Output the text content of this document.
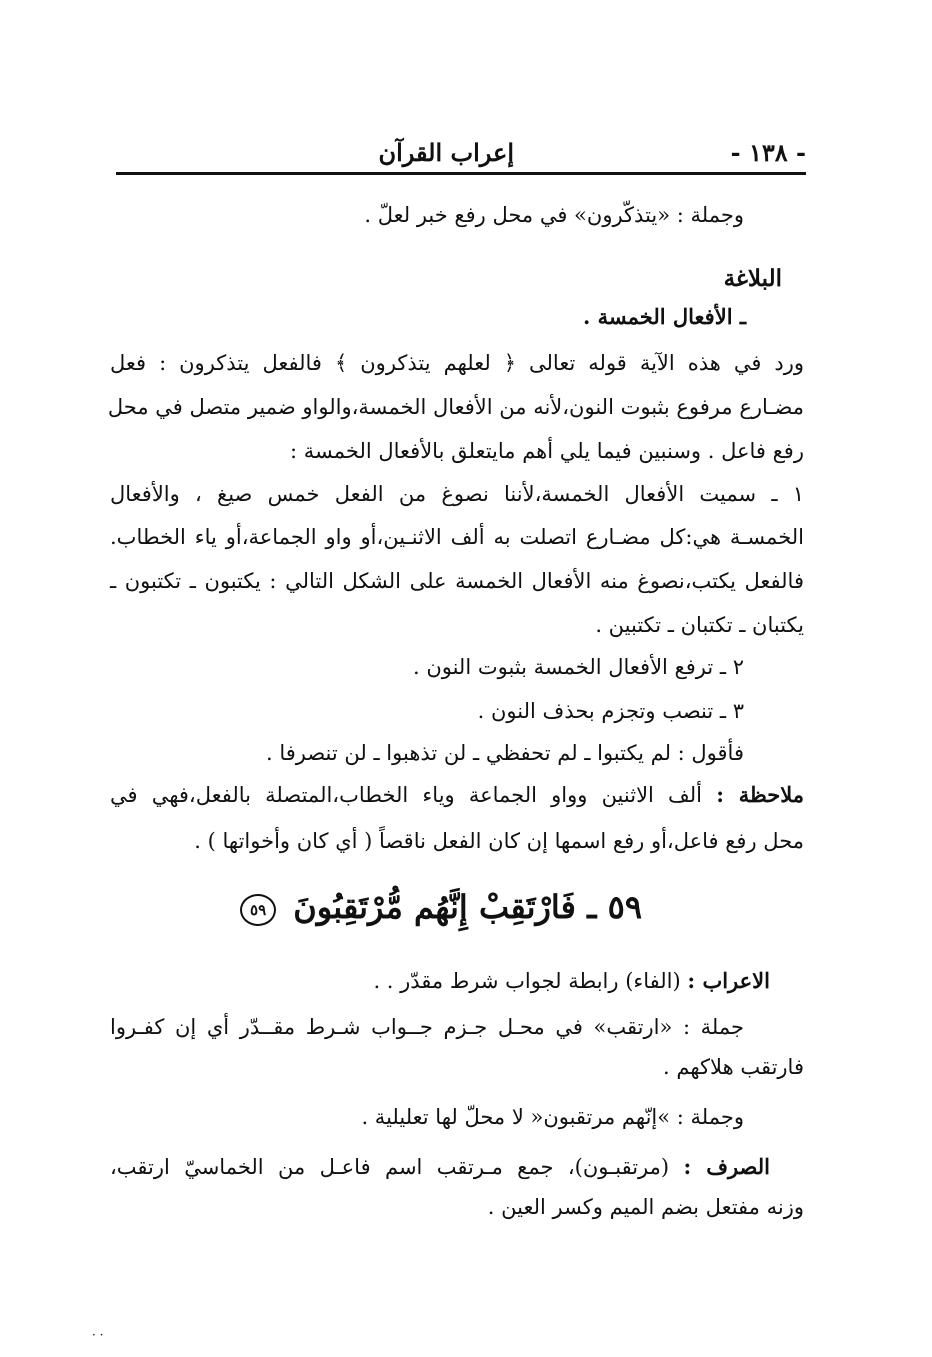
- ١٣٨ -
إعراب القرآن
وجملة : «يتذكّرون» في محل رفع خبر لعلّ .
البلاغة
ـ الأفعال الخمسة .
ورد في هذه الآية قوله تعالى ﴿ لعلهم يتذكرون ﴾ فالفعل يتذكرون : فعل
مضـارع مرفوع بثبوت النون،لأنه من الأفعال الخمسة،والواو ضمير متصل في محل
رفع فاعل . وسنبين فيما يلي أهم مايتعلق بالأفعال الخمسة :
١ ـ سميت الأفعال الخمسة،لأننا نصوغ من الفعل خمس صيغ ، والأفعال
الخمسـة هي:كل مضـارع اتصلت به ألف الاثنـين،أو واو الجماعة،أو ياء الخطاب.
فالفعل يكتب،نصوغ منه الأفعال الخمسة على الشكل التالي : يكتبون ـ تكتبون ـ
يكتبان ـ تكتبان ـ تكتبين .
٢ ـ ترفع الأفعال الخمسة بثبوت النون .
٣ ـ تنصب وتجزم بحذف النون .
فأقول : لم يكتبوا ـ لم تحفظي ـ لن تذهبوا ـ لن تنصرفا .
ملاحظة : ألف الاثنين وواو الجماعة وياء الخطاب،المتصلة بالفعل،فهي في
محل رفع فاعل،أو رفع اسمها إن كان الفعل ناقصاً ( أي كان وأخواتها ) .
٥٩ ـ فَارْتَقِبْ إِنَّهُم مُّرْتَقِبُونَ ٥٩
الاعراب : (الفاء) رابطة لجواب شرط مقدّر . .
جملة : «ارتقب» في محـل جـزم جــواب شـرط مقــدّر أي إن كفـروا
فارتقب هلاكهم .
وجملة : »إنّهم مرتقبون« لا محلّ لها تعليلية .
الصرف : (مرتقبـون)، جمع مـرتقب اسم فاعـل من الخماسيّ ارتقب،
وزنه مفتعل بضم الميم وكسر العين .
· ·
